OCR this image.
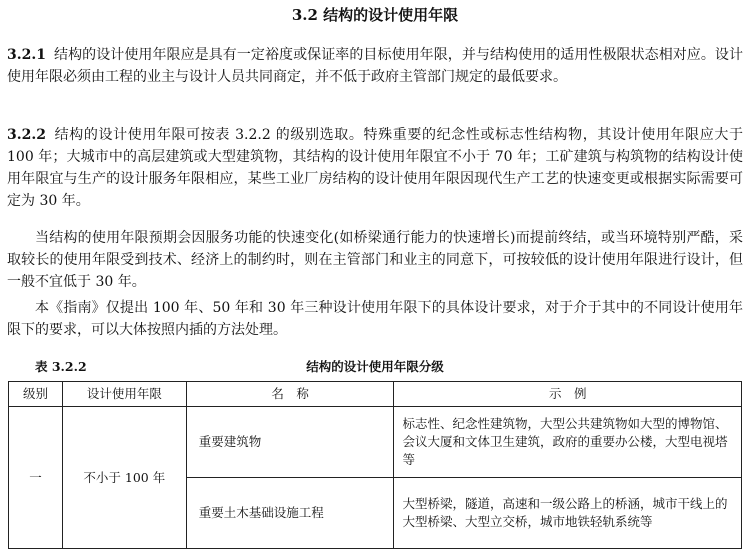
3.2 结构的设计使用年限

3.2.1 结构的设计使用年限应是具有一定裕度或保证率的目标使用年限，并与结构使用的适用性极限状态相对应。设计使用年限必须由工程的业主与设计人员共同商定，并不低于政府主管部门规定的最低要求。

3.2.2 结构的设计使用年限可按表 3.2.2 的级别选取。特殊重要的纪念性或标志性结构物，其设计使用年限应大于 100 年；大城市中的高层建筑或大型建筑物，其结构的设计使用年限宜不小于 70 年；工矿建筑与构筑物的结构设计使用年限宜与生产的设计服务年限相应，某些工业厂房结构的设计使用年限因现代生产工艺的快速变更或根据实际需要可定为 30 年。

当结构的使用年限预期会因服务功能的快速变化(如桥梁通行能力的快速增长)而提前终结，或当环境特别严酷，采取较长的使用年限受到技术、经济上的制约时，则在主管部门和业主的同意下，可按较低的设计使用年限进行设计，但一般不宜低于 30 年。

本《指南》仅提出 100 年、50 年和 30 年三种设计使用年限下的具体设计要求，对于介于其中的不同设计使用年限下的要求，可以大体按照内插的方法处理。

表 3.2.2	结构的设计使用年限分级
级别	设计使用年限	名　称	示　例
一	不小于 100 年	重要建筑物	标志性、纪念性建筑物，大型公共建筑物如大型的博物馆、会议大厦和文体卫生建筑，政府的重要办公楼，大型电视塔等
		重要土木基础设施工程	大型桥梁，隧道，高速和一级公路上的桥涵，城市干线上的大型桥梁、大型立交桥，城市地铁轻轨系统等
